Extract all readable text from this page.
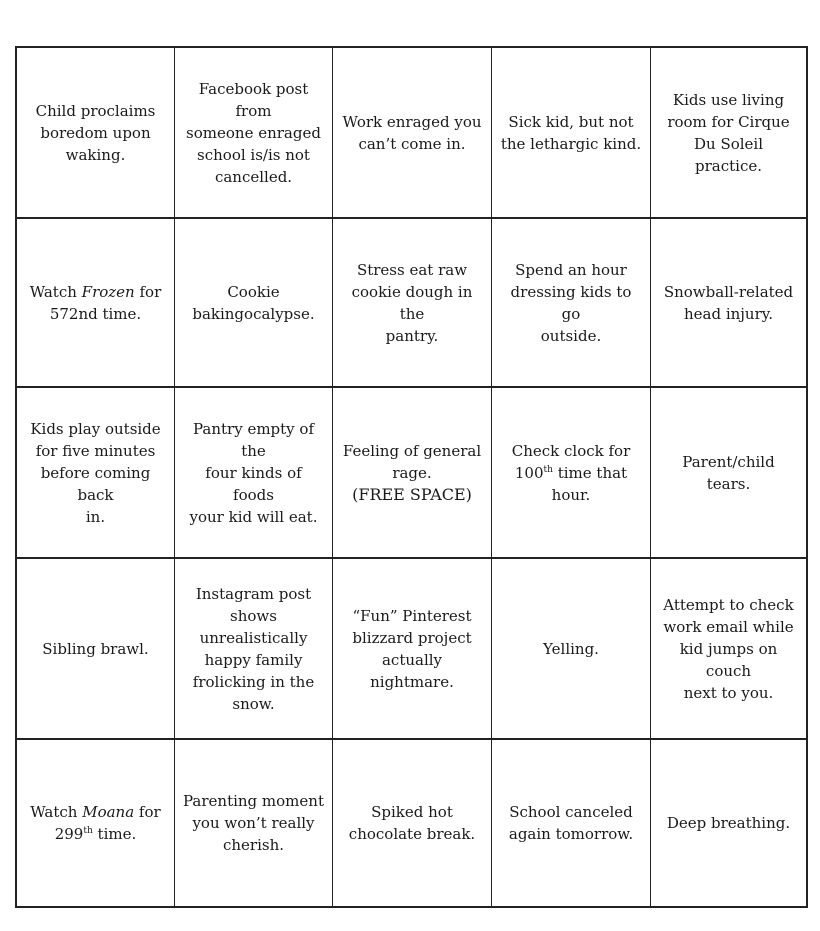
Child proclaims
boredom upon
waking.
Facebook post from
someone enraged
school is/is not
cancelled.
Work enraged you
can’t come in.
Sick kid, but not
the lethargic kind.
Kids use living
room for Cirque
Du Soleil practice.
Watch Frozen for
572nd time.
Cookie
bakingocalypse.
Stress eat raw
cookie dough in the
pantry.
Spend an hour
dressing kids to go
outside.
Snowball-related
head injury.
Kids play outside
for five minutes
before coming back
in.
Pantry empty of the
four kinds of foods
your kid will eat.
Feeling of general
rage.
(FREE SPACE)
Check clock for
100th time that
hour.
Parent/child tears.
Sibling brawl.
Instagram post
shows
unrealistically
happy family
frolicking in the
snow.
“Fun” Pinterest
blizzard project
actually nightmare.
Yelling.
Attempt to check
work email while
kid jumps on couch
next to you.
Watch Moana for
299th time.
Parenting moment
you won’t really
cherish.
Spiked hot
chocolate break.
School canceled
again tomorrow.
Deep breathing.
